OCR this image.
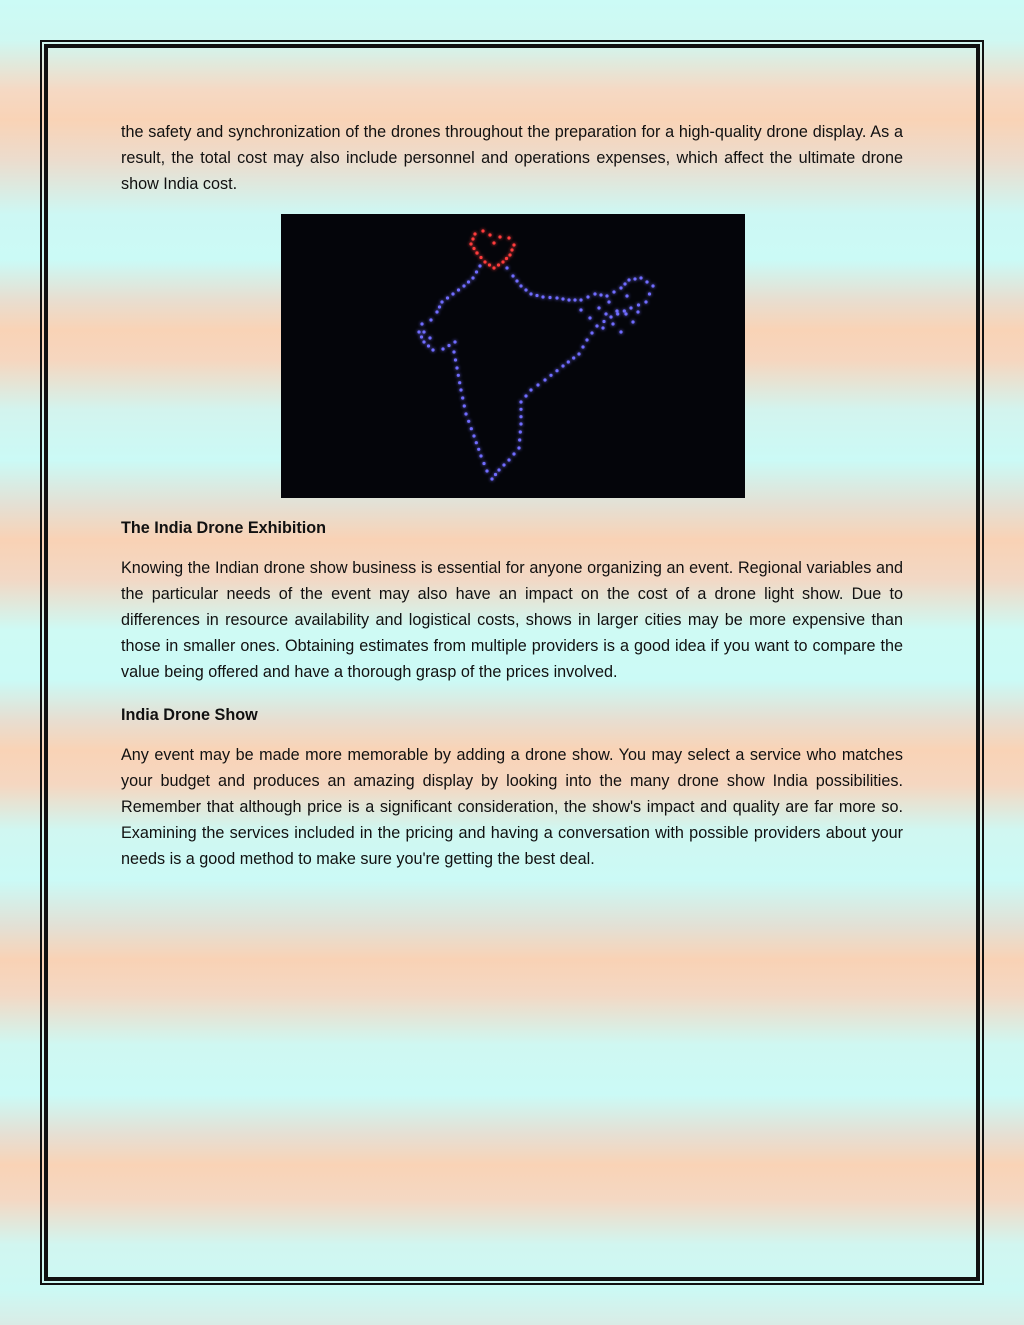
the safety and synchronization of the drones throughout the preparation for a high-quality drone display. As a result, the total cost may also include personnel and operations expenses, which affect the ultimate drone show India cost.

The India Drone Exhibition

Knowing the Indian drone show business is essential for anyone organizing an event. Regional variables and the particular needs of the event may also have an impact on the cost of a drone light show. Due to differences in resource availability and logistical costs, shows in larger cities may be more expensive than those in smaller ones. Obtaining estimates from multiple providers is a good idea if you want to compare the value being offered and have a thorough grasp of the prices involved.

India Drone Show

Any event may be made more memorable by adding a drone show. You may select a service who matches your budget and produces an amazing display by looking into the many drone show India possibilities. Remember that although price is a significant consideration, the show's impact and quality are far more so. Examining the services included in the pricing and having a conversation with possible providers about your needs is a good method to make sure you're getting the best deal.
